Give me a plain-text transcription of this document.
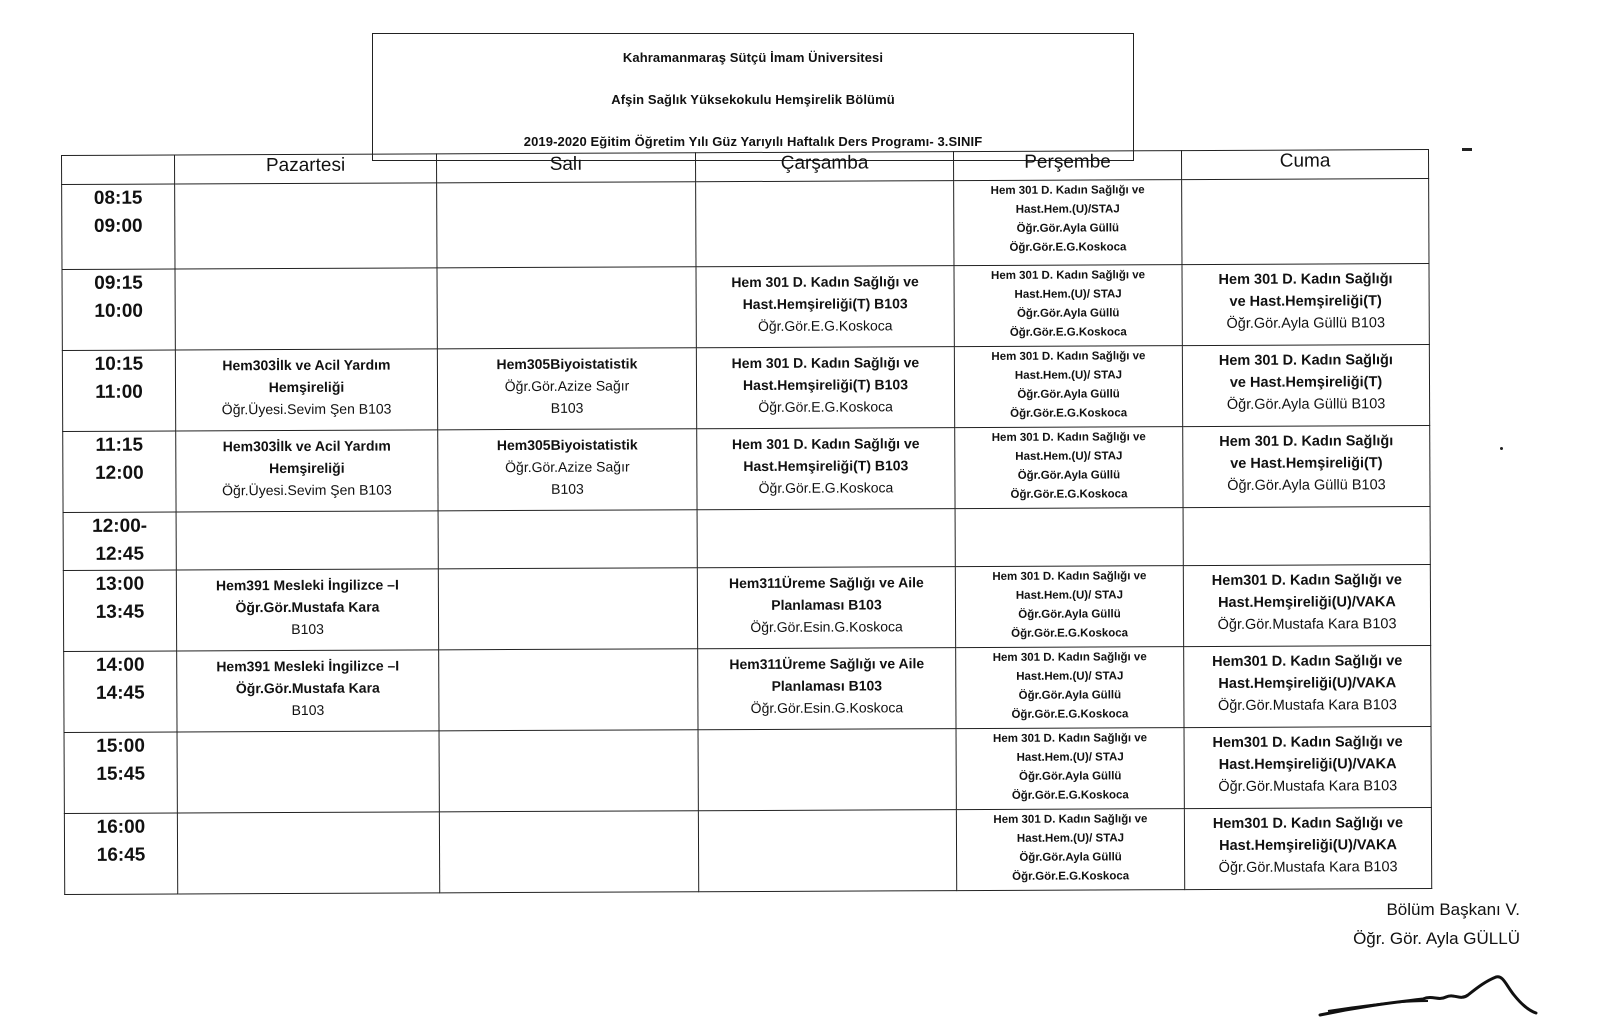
Kahramanmaraş Sütçü İmam Üniversitesi
Afşin Sağlık Yüksekokulu Hemşirelik Bölümü
2019-2020 Eğitim Öğretim Yılı Güz Yarıyılı Haftalık Ders Programı- 3.SINIF
	Pazartesi	Salı	Çarşamba	Perşembe	Cuma

08:15
09:00				Hem 301 D. Kadın Sağlığı ve
Hast.Hem.(U)/STAJ
Öğr.Gör.Ayla Güllü
Öğr.Gör.E.G.Koskoca	

09:15
10:00			Hem 301 D. Kadın Sağlığı ve
Hast.Hemşireliği(T) B103
Öğr.Gör.E.G.Koskoca	Hem 301 D. Kadın Sağlığı ve
Hast.Hem.(U)/ STAJ
Öğr.Gör.Ayla Güllü
Öğr.Gör.E.G.Koskoca	Hem 301 D. Kadın Sağlığı
ve Hast.Hemşireliği(T)
Öğr.Gör.Ayla Güllü B103

10:15
11:00	Hem303İlk ve Acil Yardım
Hemşireliği
Öğr.Üyesi.Sevim Şen B103	Hem305Biyoistatistik
Öğr.Gör.Azize Sağır
B103	Hem 301 D. Kadın Sağlığı ve
Hast.Hemşireliği(T) B103
Öğr.Gör.E.G.Koskoca	Hem 301 D. Kadın Sağlığı ve
Hast.Hem.(U)/ STAJ
Öğr.Gör.Ayla Güllü
Öğr.Gör.E.G.Koskoca	Hem 301 D. Kadın Sağlığı
ve Hast.Hemşireliği(T)
Öğr.Gör.Ayla Güllü B103

11:15
12:00	Hem303İlk ve Acil Yardım
Hemşireliği
Öğr.Üyesi.Sevim Şen B103	Hem305Biyoistatistik
Öğr.Gör.Azize Sağır
B103	Hem 301 D. Kadın Sağlığı ve
Hast.Hemşireliği(T) B103
Öğr.Gör.E.G.Koskoca	Hem 301 D. Kadın Sağlığı ve
Hast.Hem.(U)/ STAJ
Öğr.Gör.Ayla Güllü
Öğr.Gör.E.G.Koskoca	Hem 301 D. Kadın Sağlığı
ve Hast.Hemşireliği(T)
Öğr.Gör.Ayla Güllü B103

12:00-
12:45					

13:00
13:45	Hem391 Mesleki İngilizce –I
Öğr.Gör.Mustafa Kara
B103		Hem311Üreme Sağlığı ve Aile
Planlaması B103
Öğr.Gör.Esin.G.Koskoca	Hem 301 D. Kadın Sağlığı ve
Hast.Hem.(U)/ STAJ
Öğr.Gör.Ayla Güllü
Öğr.Gör.E.G.Koskoca	Hem301 D. Kadın Sağlığı ve
Hast.Hemşireliği(U)/VAKA
Öğr.Gör.Mustafa Kara B103

14:00
14:45	Hem391 Mesleki İngilizce –I
Öğr.Gör.Mustafa Kara
B103		Hem311Üreme Sağlığı ve Aile
Planlaması B103
Öğr.Gör.Esin.G.Koskoca	Hem 301 D. Kadın Sağlığı ve
Hast.Hem.(U)/ STAJ
Öğr.Gör.Ayla Güllü
Öğr.Gör.E.G.Koskoca	Hem301 D. Kadın Sağlığı ve
Hast.Hemşireliği(U)/VAKA
Öğr.Gör.Mustafa Kara B103

15:00
15:45				Hem 301 D. Kadın Sağlığı ve
Hast.Hem.(U)/ STAJ
Öğr.Gör.Ayla Güllü
Öğr.Gör.E.G.Koskoca	Hem301 D. Kadın Sağlığı ve
Hast.Hemşireliği(U)/VAKA
Öğr.Gör.Mustafa Kara B103

16:00
16:45				Hem 301 D. Kadın Sağlığı ve
Hast.Hem.(U)/ STAJ
Öğr.Gör.Ayla Güllü
Öğr.Gör.E.G.Koskoca	Hem301 D. Kadın Sağlığı ve
Hast.Hemşireliği(U)/VAKA
Öğr.Gör.Mustafa Kara B103
Bölüm Başkanı V.
Öğr. Gör. Ayla GÜLLÜ
